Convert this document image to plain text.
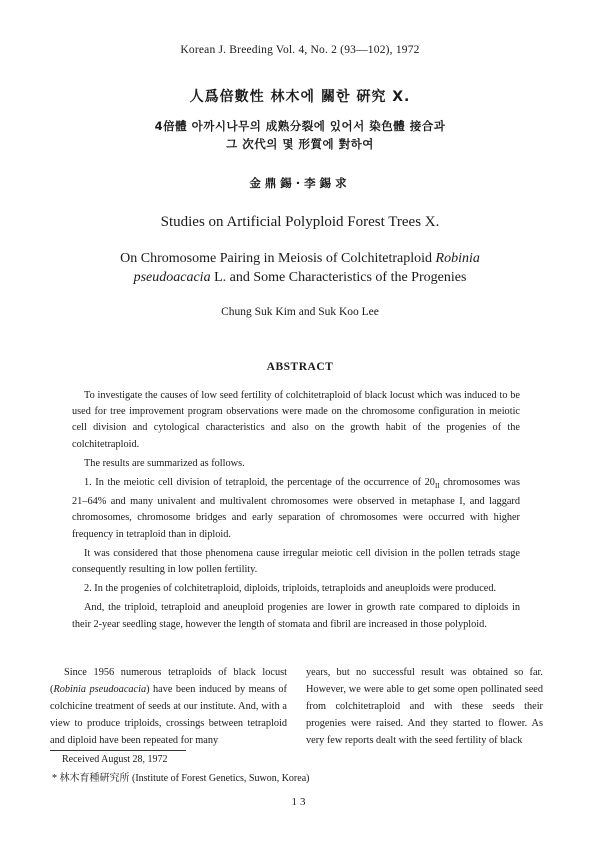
Korean J. Breeding Vol. 4, No. 2 (93—102), 1972
人爲倍數性 林木에 關한 硏究 X.
4倍體 아까시나무의 成熟分裂에 있어서 染色體 接合과
그 次代의 몇 形質에 對하여
金鼎錫·李錫求
Studies on Artificial Polyploid Forest Trees X.
On Chromosome Pairing in Meiosis of Colchitetraploid Robinia
pseudoacacia L. and Some Characteristics of the Progenies
Chung Suk Kim and Suk Koo Lee
ABSTRACT

To investigate the causes of low seed fertility of colchitetraploid of black locust which was induced to be used for tree improvement program observations were made on the chromosome configuration in meiotic cell division and cytological characteristics and also on the growth habit of the progenies of the colchitetraploid.

The results are summarized as follows.

1. In the meiotic cell division of tetraploid, the percentage of the occurrence of $20_{II}$ chromosomes was 21–64% and many univalent and multivalent chromosomes were observed in metaphase I, and laggard chromosomes, chromosome bridges and early separation of chromosomes were occurred with higher frequency in tetraploid than in diploid.

It was considered that those phenomena cause irregular meiotic cell division in the pollen tetrads stage consequently resulting in low pollen fertility.

2. In the progenies of colchitetraploid, diploids, triploids, tetraploids and aneuploids were produced.

And, the triploid, tetraploid and aneuploid progenies are lower in growth rate compared to diploids in their 2-year seedling stage, however the length of stomata and fibril are increased in those polyploid.

Since 1956 numerous tetraploids of black locust (Robinia pseudoacacia) have been induced by means of colchicine treatment of seeds at our institute. And, with a view to produce triploids, crossings between tetraploid and diploid have been repeated for many

years, but no successful result was obtained so far. However, we were able to get some open pollinated seed from colchitetraploid and with these seeds their progenies were raised. And they started to flower. As very few reports dealt with the seed fertility of black

Received August 28, 1972
* 林木育種硏究所 (Institute of Forest Genetics, Suwon, Korea)
13
